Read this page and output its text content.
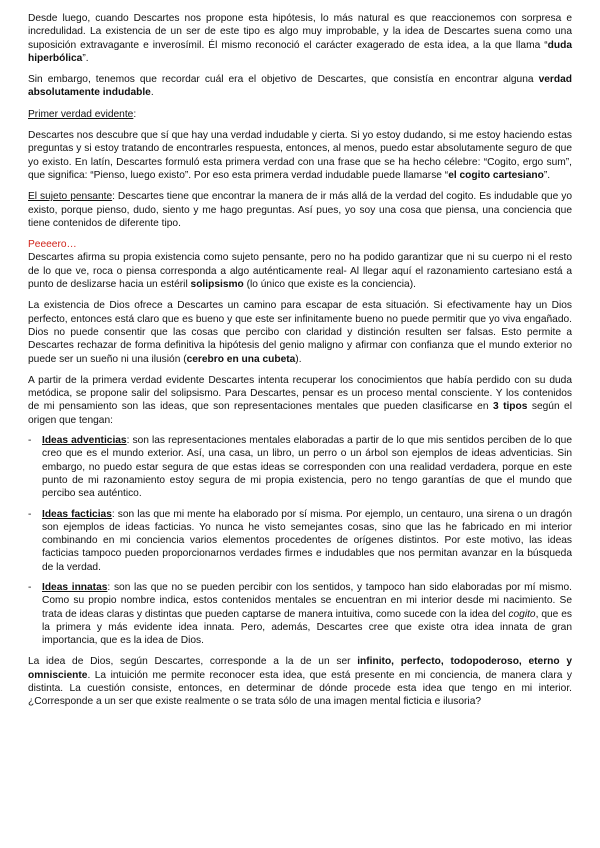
Desde luego, cuando Descartes nos propone esta hipótesis, lo más natural es que reaccionemos con sorpresa e incredulidad. La existencia de un ser de este tipo es algo muy improbable, y la idea de Descartes suena como una suposición extravagante e inverosímil. Él mismo reconoció el carácter exagerado de esta idea, a la que llama “duda hiperbólica”.

Sin embargo, tenemos que recordar cuál era el objetivo de Descartes, que consistía en encontrar alguna verdad absolutamente indudable.

Primer verdad evidente:

Descartes nos descubre que sí que hay una verdad indudable y cierta. Si yo estoy dudando, si me estoy haciendo estas preguntas y si estoy tratando de encontrarles respuesta, entonces, al menos, puedo estar absolutamente seguro de que yo existo. En latín, Descartes formuló esta primera verdad con una frase que se ha hecho célebre: “Cogito, ergo sum”, que significa: “Pienso, luego existo”. Por eso esta primera verdad indudable puede llamarse “el cogito cartesiano”.

El sujeto pensante: Descartes tiene que encontrar la manera de ir más allá de la verdad del cogito. Es indudable que yo existo, porque pienso, dudo, siento y me hago preguntas. Así pues, yo soy una cosa que piensa, una conciencia que tiene contenidos de diferente tipo.

Peeeero…

Descartes afirma su propia existencia como sujeto pensante, pero no ha podido garantizar que ni su cuerpo ni el resto de lo que ve, roca o piensa corresponda a algo auténticamente real- Al llegar aquí el razonamiento cartesiano está a punto de deslizarse hacia un estéril solipsismo (lo único que existe es la conciencia).

La existencia de Dios ofrece a Descartes un camino para escapar de esta situación. Si efectivamente hay un Dios perfecto, entonces está claro que es bueno y que este ser infinitamente bueno no puede permitir que yo viva engañado. Dios no puede consentir que las cosas que percibo con claridad y distinción resulten ser falsas. Esto permite a Descartes rechazar de forma definitiva la hipótesis del genio maligno y afirmar con confianza que el mundo exterior no puede ser un sueño ni una ilusión (cerebro en una cubeta).

A partir de la primera verdad evidente Descartes intenta recuperar los conocimientos que había perdido con su duda metódica, se propone salir del solipsismo. Para Descartes, pensar es un proceso mental consciente. Y los contenidos de mi pensamiento son las ideas, que son representaciones mentales que pueden clasificarse en 3 tipos según el origen que tengan:

- Ideas adventicias: son las representaciones mentales elaboradas a partir de lo que mis sentidos perciben de lo que creo que es el mundo exterior. Así, una casa, un libro, un perro o un árbol son ejemplos de ideas adventicias. Sin embargo, no puedo estar segura de que estas ideas se corresponden con una realidad verdadera, porque en este punto de mi razonamiento estoy segura de mi propia existencia, pero no tengo garantías de que el mundo que percibo sea auténtico.
- Ideas facticias: son las que mi mente ha elaborado por sí misma. Por ejemplo, un centauro, una sirena o un dragón son ejemplos de ideas facticias. Yo nunca he visto semejantes cosas, sino que las he fabricado en mi interior combinando en mi conciencia varios elementos procedentes de orígenes distintos. Por este motivo, las ideas facticias tampoco pueden proporcionarnos verdades firmes e indudables que nos permitan avanzar en la búsqueda de la verdad.
- Ideas innatas: son las que no se pueden percibir con los sentidos, y tampoco han sido elaboradas por mí mismo. Como su propio nombre indica, estos contenidos mentales se encuentran en mi interior desde mi nacimiento. Se trata de ideas claras y distintas que pueden captarse de manera intuitiva, como sucede con la idea del cogito, que es la primera y más evidente idea innata. Pero, además, Descartes cree que existe otra idea innata de gran importancia, que es la idea de Dios.

La idea de Dios, según Descartes, corresponde a la de un ser infinito, perfecto, todopoderoso, eterno y omnisciente. La intuición me permite reconocer esta idea, que está presente en mi conciencia, de manera clara y distinta. La cuestión consiste, entonces, en determinar de dónde procede esta idea que tengo en mi interior. ¿Corresponde a un ser que existe realmente o se trata sólo de una imagen mental ficticia e ilusoria?
